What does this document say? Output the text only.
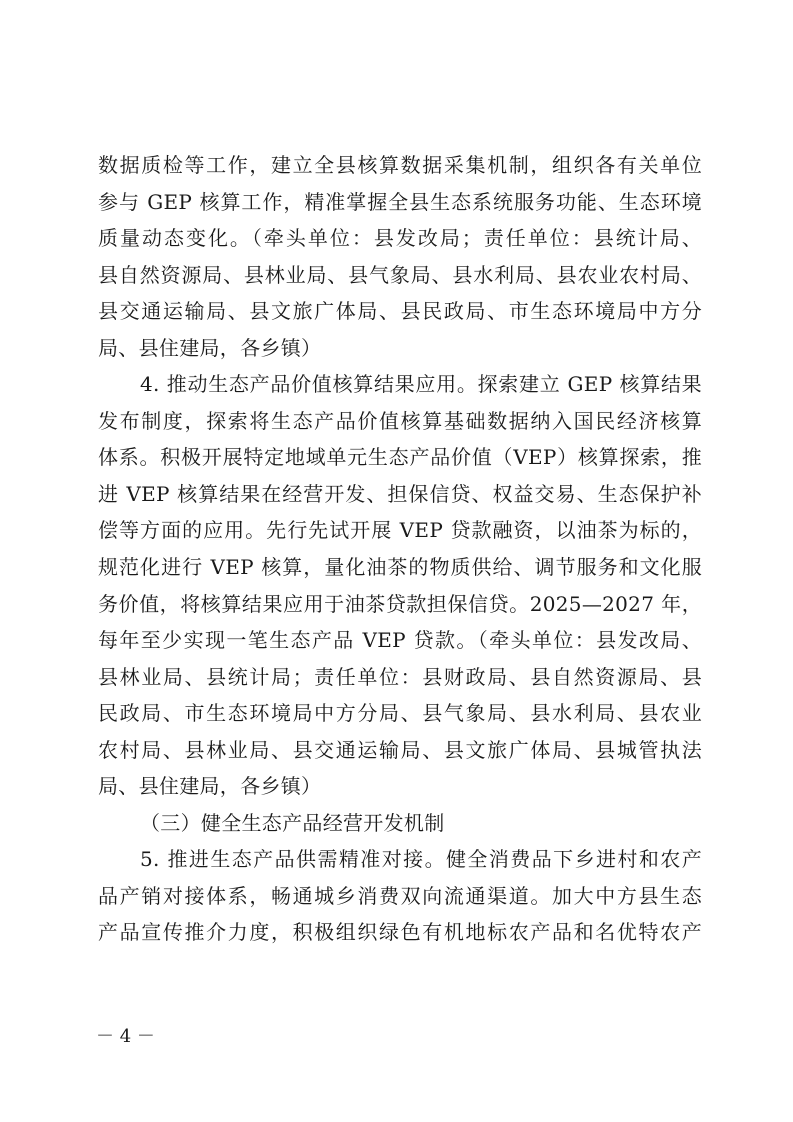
数据质检等工作，建立全县核算数据采集机制，组织各有关单位
参与 GEP 核算工作，精准掌握全县生态系统服务功能、生态环境
质量动态变化。（牵头单位：县发改局；责任单位：县统计局、
县自然资源局、县林业局、县气象局、县水利局、县农业农村局、
县交通运输局、县文旅广体局、县民政局、市生态环境局中方分
局、县住建局，各乡镇）
4. 推动生态产品价值核算结果应用。探索建立 GEP 核算结果
发布制度，探索将生态产品价值核算基础数据纳入国民经济核算
体系。积极开展特定地域单元生态产品价值（VEP）核算探索，推
进 VEP 核算结果在经营开发、担保信贷、权益交易、生态保护补
偿等方面的应用。先行先试开展 VEP 贷款融资，以油茶为标的，
规范化进行 VEP 核算，量化油茶的物质供给、调节服务和文化服
务价值，将核算结果应用于油茶贷款担保信贷。2025—2027 年，
每年至少实现一笔生态产品 VEP 贷款。（牵头单位：县发改局、
县林业局、县统计局；责任单位：县财政局、县自然资源局、县
民政局、市生态环境局中方分局、县气象局、县水利局、县农业
农村局、县林业局、县交通运输局、县文旅广体局、县城管执法
局、县住建局，各乡镇）
（三）健全生态产品经营开发机制
5. 推进生态产品供需精准对接。健全消费品下乡进村和农产
品产销对接体系，畅通城乡消费双向流通渠道。加大中方县生态
产品宣传推介力度，积极组织绿色有机地标农产品和名优特农产
－ 4 －
